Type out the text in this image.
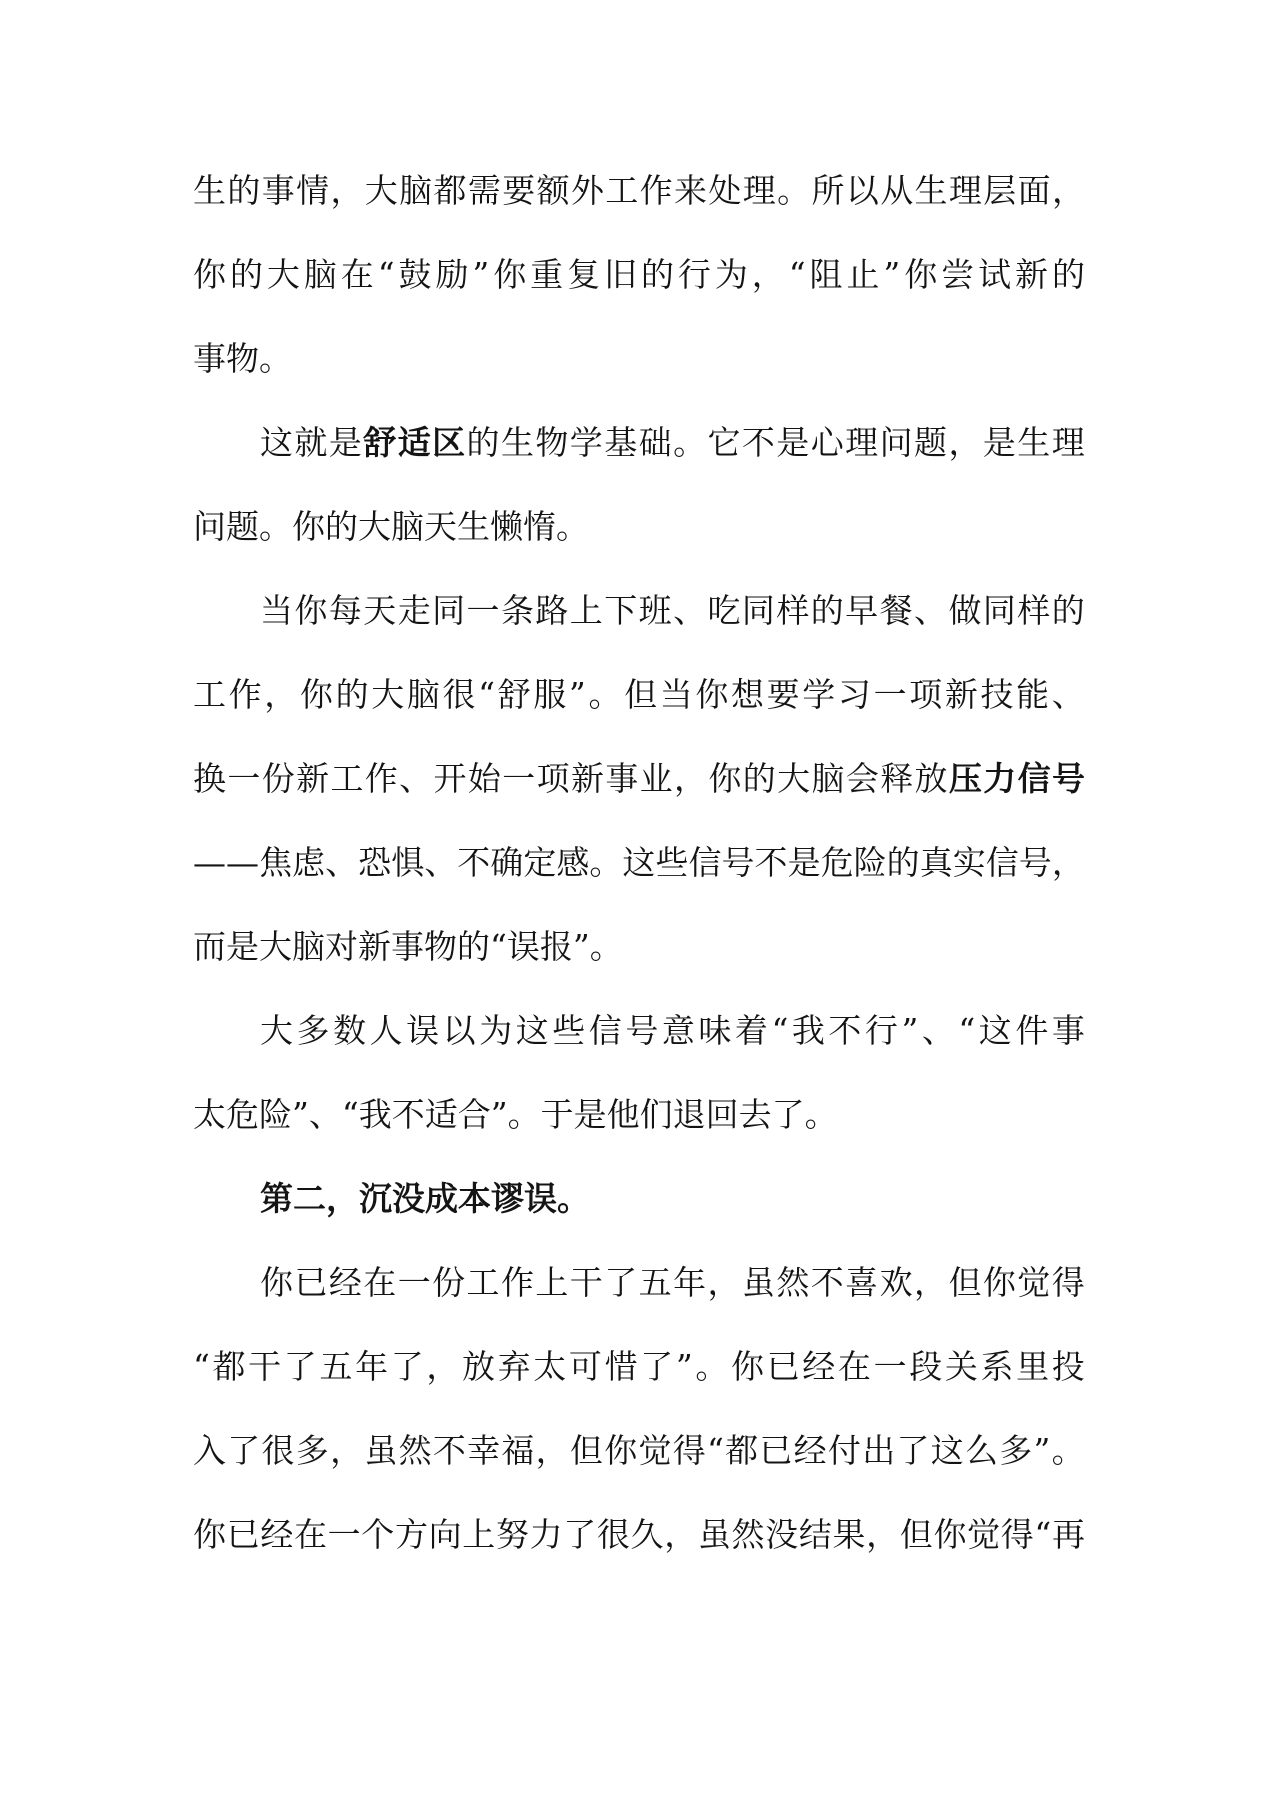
生 的 事 情 ， 大 脑 都 需 要 额 外 工 作 来 处 理 。 所 以 从 生 理 层 面 ，
你 的 大 脑 在 “ 鼓 励 ” 你 重 复 旧 的 行 为 ， “ 阻 止 ” 你 尝 试 新 的
事 物 。
这 就 是 舒 适 区 的 生 物 学 基 础 。 它 不 是 心 理 问 题 ， 是 生 理
问 题 。 你 的 大 脑 天 生 懒 惰 。
当 你 每 天 走 同 一 条 路 上 下 班 、 吃 同 样 的 早 餐 、 做 同 样 的
工 作 ， 你 的 大 脑 很 “ 舒 服 ” 。 但 当 你 想 要 学 习 一 项 新 技 能 、
换 一 份 新 工 作 、 开 始 一 项 新 事 业 ， 你 的 大 脑 会 释 放 压 力 信 号
— — 焦 虑 、 恐 惧 、 不 确 定 感 。 这 些 信 号 不 是 危 险 的 真 实 信 号 ，
而 是 大 脑 对 新 事 物 的 “ 误 报 ” 。
大 多 数 人 误 以 为 这 些 信 号 意 味 着 “ 我 不 行 ” 、 “ 这 件 事
太 危 险 ” 、 “ 我 不 适 合 ” 。 于 是 他 们 退 回 去 了 。
第 二 ， 沉 没 成 本 谬 误 。
你 已 经 在 一 份 工 作 上 干 了 五 年 ， 虽 然 不 喜 欢 ， 但 你 觉 得
“ 都 干 了 五 年 了 ， 放 弃 太 可 惜 了 ” 。 你 已 经 在 一 段 关 系 里 投
入 了 很 多 ， 虽 然 不 幸 福 ， 但 你 觉 得 “ 都 已 经 付 出 了 这 么 多 ” 。
你 已 经 在 一 个 方 向 上 努 力 了 很 久 ， 虽 然 没 结 果 ， 但 你 觉 得 “ 再
